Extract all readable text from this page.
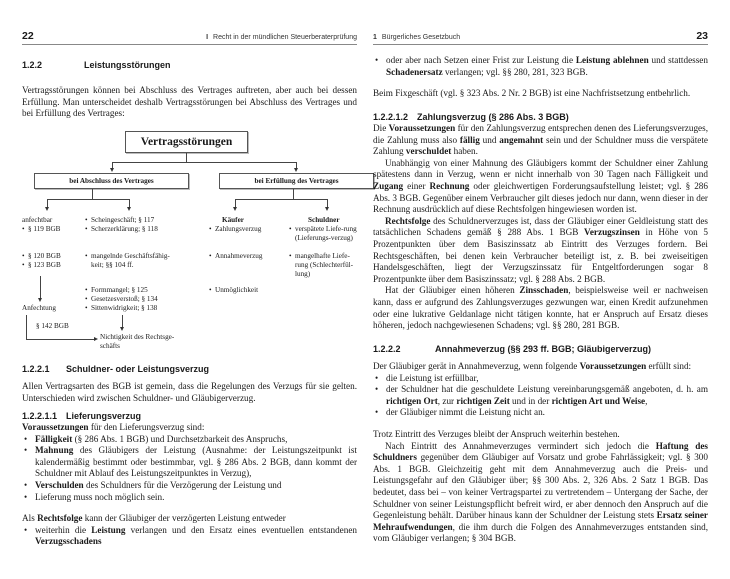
22	I Recht in der mündlichen Steuerberaterprüfung
1.2.2	Leistungsstörungen

Vertragsstörungen können bei Abschluss des Vertrages auftreten, aber auch bei dessen Erfüllung. Man unterscheidet deshalb Vertragsstörungen bei Abschluss des Vertrages und bei Erfüllung des Vertrages:

Vertragsstörungen
bei Abschluss des Vertrages	bei Erfüllung des Vertrages
anfechtbar
• § 119 BGB
• § 120 BGB
• § 123 BGB
Anfechtung
§ 142 BGB
• Scheingeschäft; § 117
• Scherzerklärung; § 118
• mangelnde Geschäftsfähig-keit; §§ 104 ff.
• Formmangel; § 125
• Gesetzesverstoß; § 134
• Sittenwidrigkeit; § 138
Nichtigkeit des Rechtsge-schäfts
Käufer
• Zahlungsverzug
• Annahmeverzug
• Unmöglichkeit
Schuldner
• verspätete Liefe-rung (Lieferungs-verzug)
• mangelhafte Liefe-rung (Schlechterfül-lung)
1.2.2.1	Schuldner- oder Leistungsverzug

Allen Vertragsarten des BGB ist gemein, dass die Regelungen des Verzugs für sie gelten. Unterschieden wird zwischen Schuldner- und Gläubigerverzug.

1.2.2.1.1 Lieferungsverzug

Voraussetzungen für den Lieferungsverzug sind:

• Fälligkeit (§ 286 Abs. 1 BGB) und Durchsetzbarkeit des Anspruchs,
• Mahnung des Gläubigers der Leistung (Ausnahme: der Leistungszeitpunkt ist kalendermäßig bestimmt oder bestimmbar, vgl. § 286 Abs. 2 BGB, dann kommt der Schuldner mit Ablauf des Leistungszeitpunktes in Verzug),
• Verschulden des Schuldners für die Verzögerung der Leistung und
• Lieferung muss noch möglich sein.

Als Rechtsfolge kann der Gläubiger der verzögerten Leistung entweder

• weiterhin die Leistung verlangen und den Ersatz eines eventuellen entstandenen Verzugsschadens
1 Bürgerliches Gesetzbuch	23
• oder aber nach Setzen einer Frist zur Leistung die Leistung ablehnen und stattdessen Schadenersatz verlangen; vgl. §§ 280, 281, 323 BGB.

Beim Fixgeschäft (vgl. § 323 Abs. 2 Nr. 2 BGB) ist eine Nachfristsetzung entbehrlich.

1.2.2.1.2 Zahlungsverzug (§ 286 Abs. 3 BGB)

Die Voraussetzungen für den Zahlungsverzug entsprechen denen des Lieferungsverzuges, die Zahlung muss also fällig und angemahnt sein und der Schuldner muss die verspätete Zahlung verschuldet haben.

Unabhängig von einer Mahnung des Gläubigers kommt der Schuldner einer Zahlung spätestens dann in Verzug, wenn er nicht innerhalb von 30 Tagen nach Fälligkeit und Zugang einer Rechnung oder gleichwertigen Forderungsaufstellung leistet; vgl. § 286 Abs. 3 BGB. Gegenüber einem Verbraucher gilt dieses jedoch nur dann, wenn dieser in der Rechnung ausdrücklich auf diese Rechtsfolgen hingewiesen worden ist.

Rechtsfolge des Schuldnerverzuges ist, dass der Gläubiger einer Geldleistung statt des tatsächlichen Schadens gemäß § 288 Abs. 1 BGB Verzugszinsen in Höhe von 5 Prozentpunkten über dem Basiszinssatz ab Eintritt des Verzuges fordern. Bei Rechtsgeschäften, bei denen kein Verbraucher beteiligt ist, z. B. bei zweiseitigen Handelsgeschäften, liegt der Verzugszinssatz für Entgeltforderungen sogar 8 Prozentpunkte über dem Basiszinssatz; vgl. § 288 Abs. 2 BGB.

Hat der Gläubiger einen höheren Zinsschaden, beispielsweise weil er nachweisen kann, dass er aufgrund des Zahlungsverzuges gezwungen war, einen Kredit aufzunehmen oder eine lukrative Geldanlage nicht tätigen konnte, hat er Anspruch auf Ersatz dieses höheren, jedoch nachgewiesenen Schadens; vgl. §§ 280, 281 BGB.

1.2.2.2	Annahmeverzug (§§ 293 ff. BGB; Gläubigerverzug)

Der Gläubiger gerät in Annahmeverzug, wenn folgende Voraussetzungen erfüllt sind:

• die Leistung ist erfüllbar,
• der Schuldner hat die geschuldete Leistung vereinbarungsgemäß angeboten, d. h. am richtigen Ort, zur richtigen Zeit und in der richtigen Art und Weise,
• der Gläubiger nimmt die Leistung nicht an.

Trotz Eintritt des Verzuges bleibt der Anspruch weiterhin bestehen.

Nach Eintritt des Annahmeverzuges vermindert sich jedoch die Haftung des Schuldners gegenüber dem Gläubiger auf Vorsatz und grobe Fahrlässigkeit; vgl. § 300 Abs. 1 BGB. Gleichzeitig geht mit dem Annahmeverzug auch die Preis- und Leistungsgefahr auf den Gläubiger über; §§ 300 Abs. 2, 326 Abs. 2 Satz 1 BGB. Das bedeutet, dass bei – von keiner Vertragspartei zu vertretendem – Untergang der Sache, der Schuldner von seiner Leistungspflicht befreit wird, er aber dennoch den Anspruch auf die Gegenleistung behält. Darüber hinaus kann der Schuldner der Leistung stets Ersatz seiner Mehraufwendungen, die ihm durch die Folgen des Annahmeverzuges entstanden sind, vom Gläubiger verlangen; § 304 BGB.
